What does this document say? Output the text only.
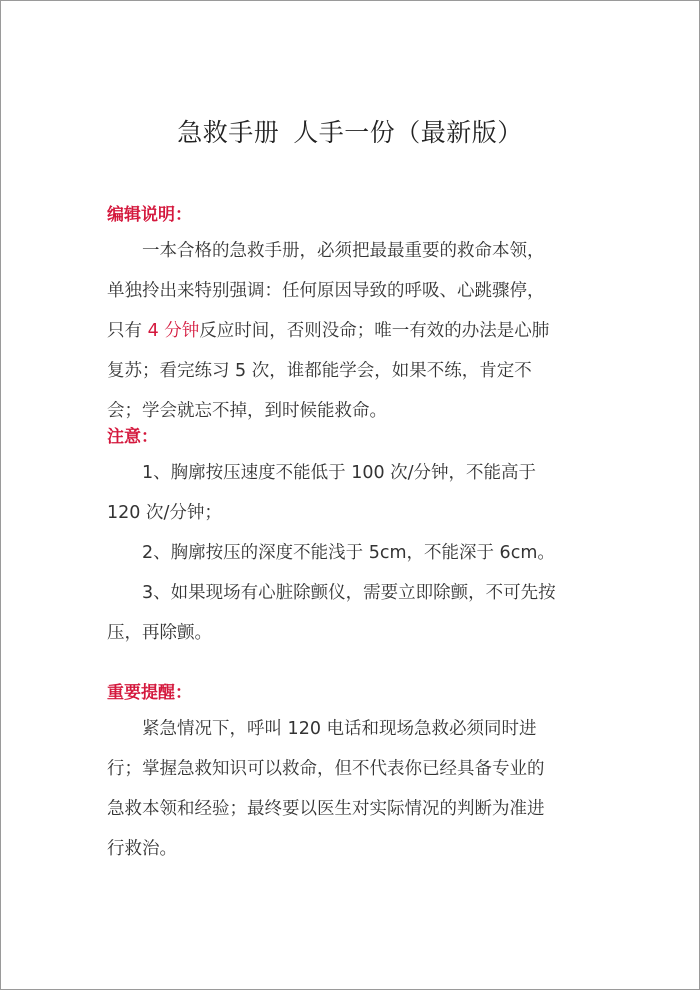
急救手册 人手一份（最新版）
编辑说明：

一本合格的急救手册，必须把最最重要的救命本领，

单独拎出来特别强调：任何原因导致的呼吸、心跳骤停，

只有 4 分钟反应时间，否则没命；唯一有效的办法是心肺

复苏；看完练习 5 次，谁都能学会，如果不练，肯定不

会；学会就忘不掉，到时候能救命。

注意：

1、胸廓按压速度不能低于 100 次/分钟，不能高于

120 次/分钟；

2、胸廓按压的深度不能浅于 5cm，不能深于 6cm。

3、如果现场有心脏除颤仪，需要立即除颤，不可先按

压，再除颤。

重要提醒：

紧急情况下，呼叫 120 电话和现场急救必须同时进

行；掌握急救知识可以救命，但不代表你已经具备专业的

急救本领和经验；最终要以医生对实际情况的判断为准进

行救治。
